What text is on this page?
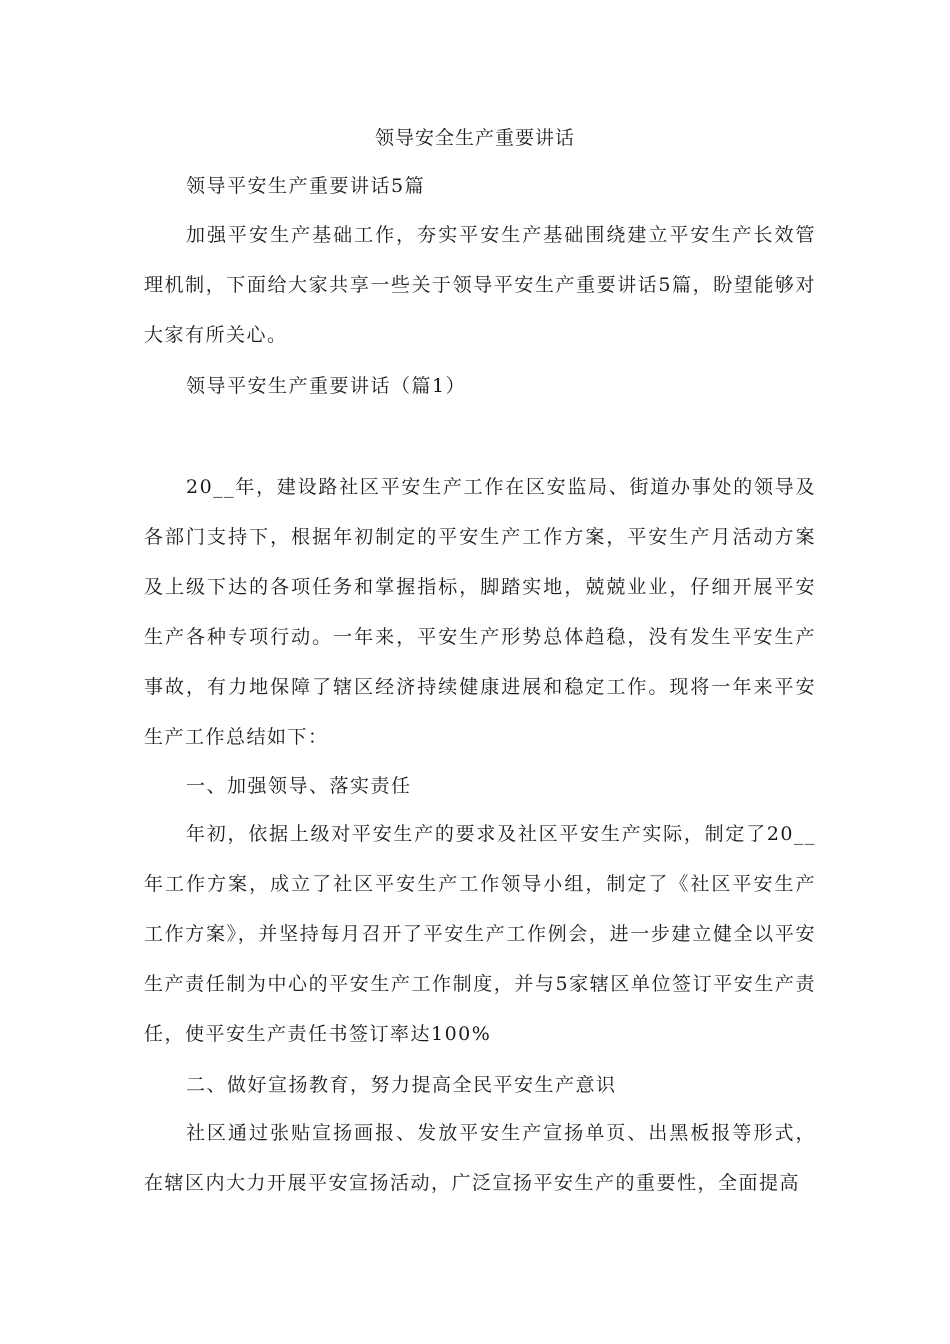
领导安全生产重要讲话

领导平安生产重要讲话5篇

加强平安生产基础工作，夯实平安生产基础围绕建立平安生产长效管理机制，下面给大家共享一些关于领导平安生产重要讲话5篇，盼望能够对大家有所关心。

领导平安生产重要讲话（篇1）

20__年，建设路社区平安生产工作在区安监局、街道办事处的领导及各部门支持下，根据年初制定的平安生产工作方案，平安生产月活动方案及上级下达的各项任务和掌握指标，脚踏实地，兢兢业业，仔细开展平安生产各种专项行动。一年来，平安生产形势总体趋稳，没有发生平安生产事故，有力地保障了辖区经济持续健康进展和稳定工作。现将一年来平安生产工作总结如下：

一、加强领导、落实责任

年初，依据上级对平安生产的要求及社区平安生产实际，制定了20__年工作方案，成立了社区平安生产工作领导小组，制定了《社区平安生产工作方案》，并坚持每月召开了平安生产工作例会，进一步建立健全以平安生产责任制为中心的平安生产工作制度，并与5家辖区单位签订平安生产责任，使平安生产责任书签订率达100%

二、做好宣扬教育，努力提高全民平安生产意识

社区通过张贴宣扬画报、发放平安生产宣扬单页、出黑板报等形式，在辖区内大力开展平安宣扬活动，广泛宣扬平安生产的重要性，全面提高
